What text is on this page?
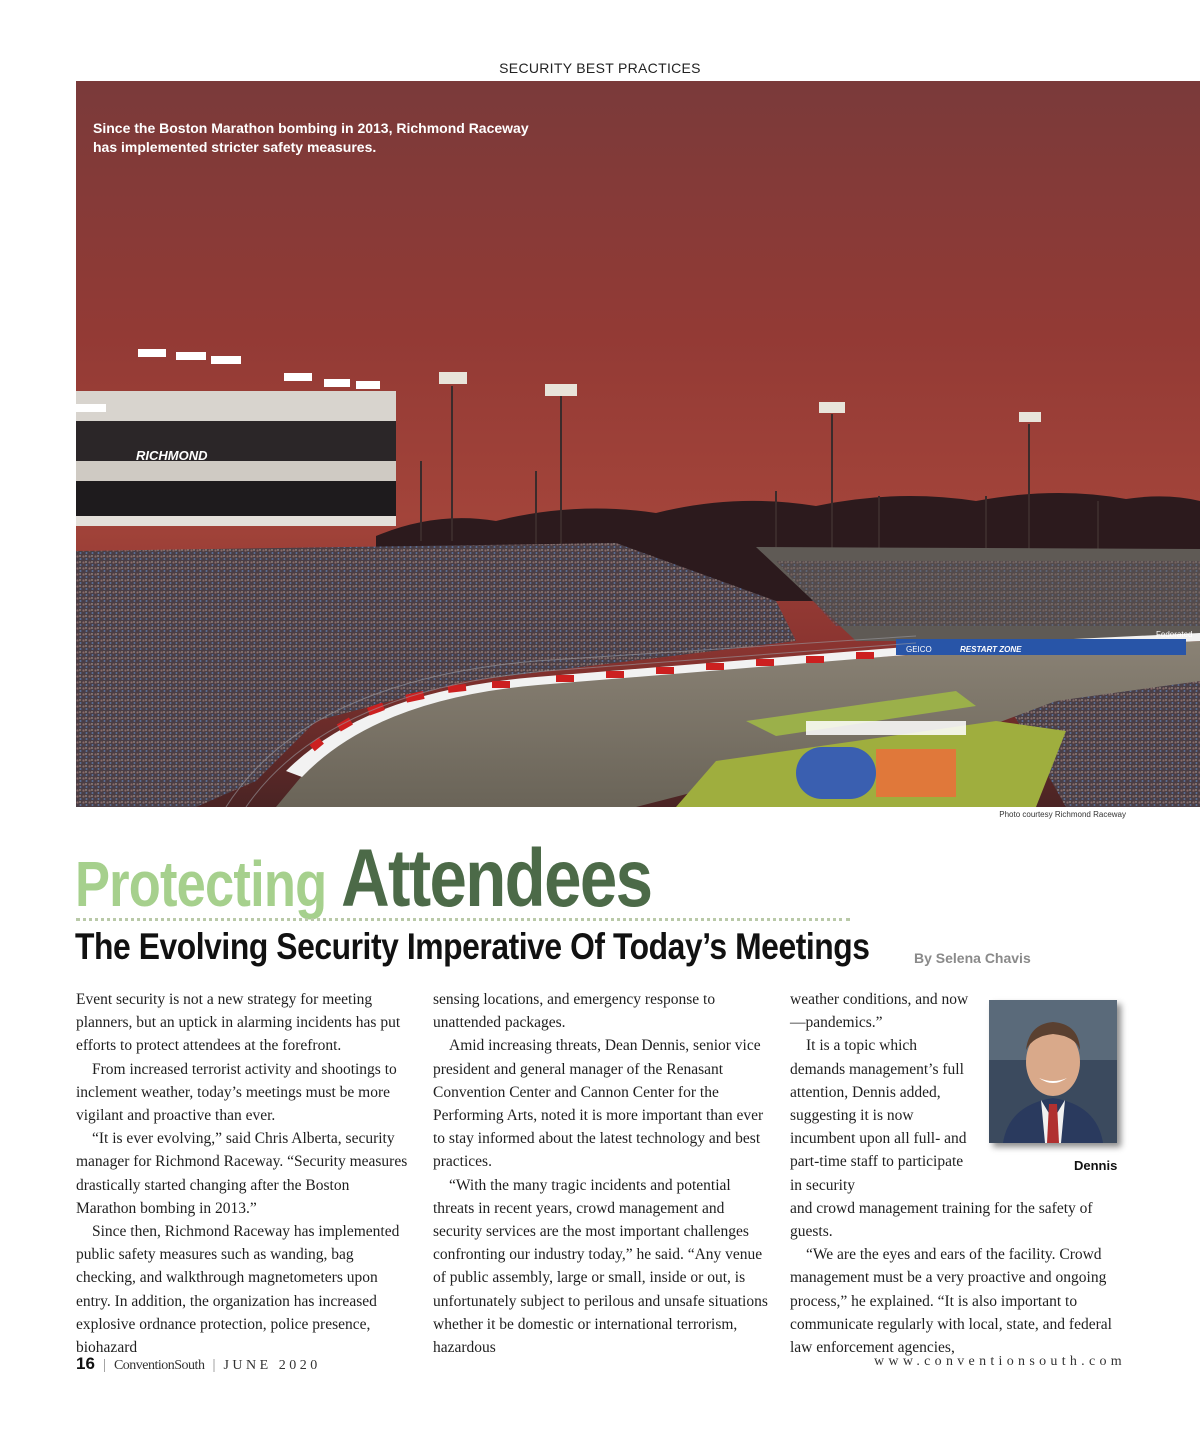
SECURITY BEST PRACTICES
RICHMOND
GEICO	RESTART ZONE
Federated
Since the Boston Marathon bombing in 2013, Richmond Raceway
has implemented stricter safety measures.
Photo courtesy Richmond Raceway
Protecting Attendees
The Evolving Security Imperative Of Today’s Meetings	By Selena Chavis

Event security is not a new strategy for meeting planners, but an uptick in alarming incidents has put efforts to protect attendees at the forefront.

From increased terrorist activity and shootings to inclement weather, today’s meetings must be more vigilant and proactive than ever.

“It is ever evolving,” said Chris Alberta, security manager for Richmond Raceway. “Security measures drastically started changing after the Boston Marathon bombing in 2013.”

Since then, Richmond Raceway has implemented public safety measures such as wanding, bag checking, and walkthrough magnetometers upon entry. In addition, the organization has increased explosive ordnance protection, police presence, biohazard

sensing locations, and emergency response to unattended packages.

Amid increasing threats, Dean Dennis, senior vice president and general manager of the Renasant Convention Center and Cannon Center for the Performing Arts, noted it is more important than ever to stay informed about the latest technology and best practices.

“With the many tragic incidents and potential threats in recent years, crowd management and security services are the most important challenges confronting our industry today,” he said. “Any venue of public assembly, large or small, inside or out, is unfortunately subject to perilous and unsafe situations whether it be domestic or international terrorism, hazardous

weather conditions, and now—pandemics.”

It is a topic which demands management’s full attention, Dennis added, suggesting it is now incumbent upon all full- and part-time staff to participate in security

and crowd management training for the safety of guests.

“We are the eyes and ears of the facility. Crowd management must be a very proactive and ongoing process,” he explained. “It is also important to communicate regularly with local, state, and federal law enforcement agencies,

Dennis
16 | ConventionSouth | JUNE 2020	www.conventionsouth.com
